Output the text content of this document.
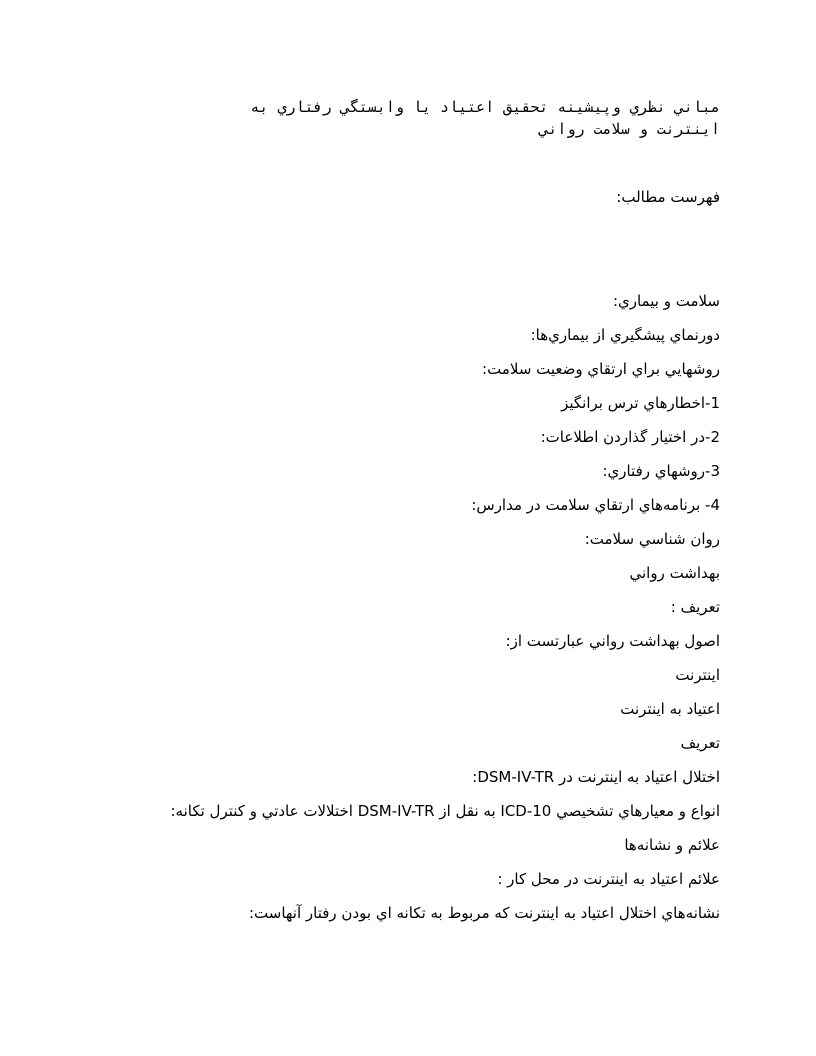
مباني نظري وپيشينه تحقيق اعتياد يا وابستگي رفتاري به
اينترنت و سلامت رواني
فهرست مطالب:
سلامت و بيماري:
دورنماي پيشگيري از بيماري‌ها:
روشهايي براي ارتقاي وضعيت سلامت:
1-اخطارهاي ترس برانگيز
2-در اختيار گذاردن اطلاعات:
3-روشهاي رفتاري:
4- برنامه‌هاي ارتقاي سلامت در مدارس:
روان شناسي سلامت:
بهداشت رواني
تعريف :
اصول بهداشت رواني عبارتست از:
اينترنت
اعتياد به اينترنت
تعريف
اختلال اعتياد به اينترنت در DSM-IV-TR:
انواع و معيارهاي تشخيصي ICD-10 به نقل از DSM-IV-TR اختلالات عادتي و كنترل تكانه:
علائم و نشانه‌ها
علائم اعتياد به اينترنت در محل كار :
نشانه‌هاي اختلال اعتياد به اينترنت كه مربوط به تكانه اي بودن رفتار آنهاست:
